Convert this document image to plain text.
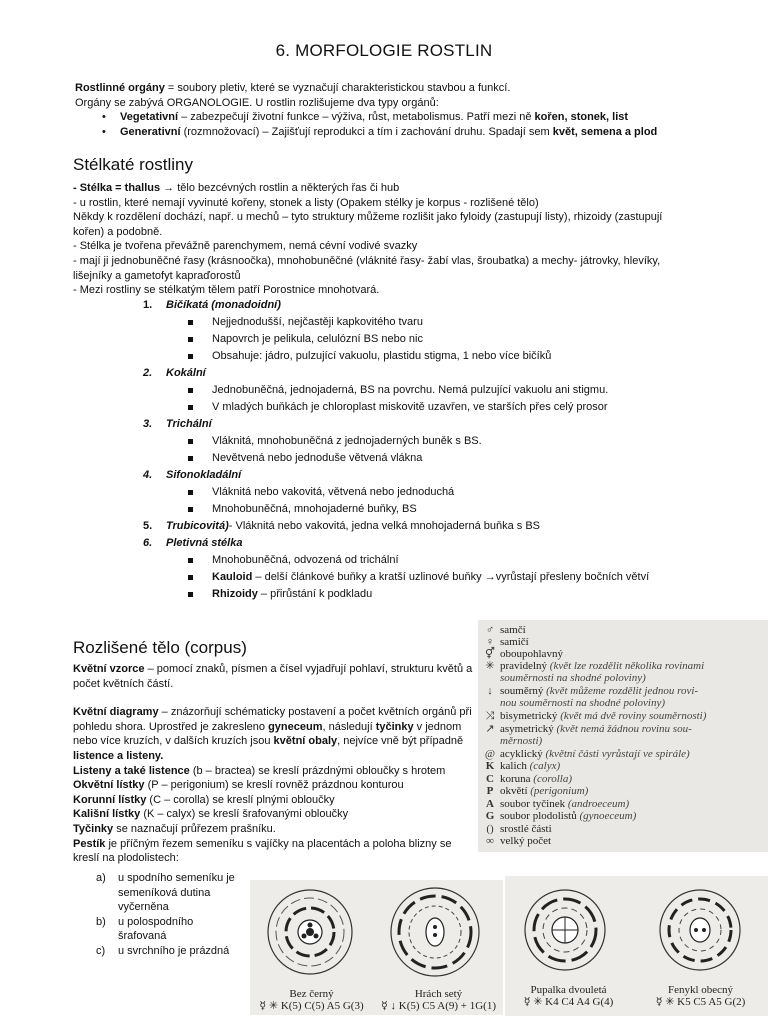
6. MORFOLOGIE ROSTLIN

Rostlinné orgány = soubory pletiv, které se vyznačují charakteristickou stavbou a funkcí.

Orgány se zabývá ORGANOLOGIE. U rostlin rozlišujeme dva typy orgánů:

• Vegetativní – zabezpečují životní funkce – výživa, růst, metabolismus. Patří mezi ně kořen, stonek, list
• Generativní (rozmnožovací) – Zajišťují reprodukci a tím i zachování druhu. Spadají sem květ, semena a plod
Stélkaté rostliny

- Stélka = thallus → tělo bezcévných rostlin a některých řas či hub

- u rostlin, které nemají vyvinuté kořeny, stonek a listy (Opakem stélky je korpus - rozlišené tělo)

Někdy k rozdělení dochází, např. u mechů – tyto struktury můžeme rozlišit jako fyloidy (zastupují listy), rhizoidy (zastupují kořen) a podobně.

- Stélka je tvořena převážně parenchymem, nemá cévní vodivé svazky

- mají ji jednobuněčné řasy (krásnoočka), mnohobuněčné (vláknité řasy- žabí vlas, šroubatka) a mechy- játrovky, hlevíky, lišejníky a gametofyt kapraďorostů

- Mezi rostliny se stélkatým tělem patří Porostnice mnohotvará.

1. Bičíkatá (monadoidní)
Nejjednodušší, nejčastěji kapkovitého tvaru
Napovrch je pelikula, celulózní BS nebo nic
Obsahuje: jádro, pulzující vakuolu, plastidu stigma, 1 nebo více bičíků
2. Kokální
Jednobuněčná, jednojaderná, BS na povrchu. Nemá pulzující vakuolu ani stigmu.
V mladých buňkách je chloroplast miskovitě uzavřen, ve starších přes celý prosor
3. Trichální
Vláknitá, mnohobuněčná z jednojaderných buněk s BS.
Nevětvená nebo jednoduše větvená vlákna
4. Sifonokladální
Vláknitá nebo vakovitá, větvená nebo jednoduchá
Mnohobuněčná, mnohojaderné buňky, BS
5. Trubicovitá)- Vláknitá nebo vakovitá, jedna velká mnohojaderná buňka s BS
6. Pletivná stélka
Mnohobuněčná, odvozená od trichální
Kauloid – delší článkové buňky a kratší uzlinové buňky →vyrůstají přesleny bočních větví
Rhizoidy – přirůstání k podkladu
Rozlišené tělo (corpus)

Květní vzorce – pomocí znaků, písmen a čísel vyjadřují pohlaví, strukturu květů a počet květních částí.

Květní diagramy – znázorňují schématicky postavení a počet květních orgánů při pohledu shora. Uprostřed je zakresleno gyneceum, následují tyčinky v jednom nebo více kruzích, v dalších kruzích jsou květní obaly, nejvíce vně být případně listence a listeny.

Listeny a také listence (b – bractea) se kreslí prázdnými obloučky s hrotem

Okvětní lístky (P – perigonium) se kreslí rovněž prázdnou konturou

Korunní lístky (C – corolla) se kreslí plnými obloučky

Kališní lístky (K – calyx) se kreslí šrafovanými obloučky

Tyčinky se naznačují průřezem prašníku.

Pestík je příčným řezem semeníku s vajíčky na placentách a poloha blizny se kreslí na plodolistech:

a) u spodního semeníku je semeníková dutina vyčerněna
b) u polospodního šrafovaná
c) u svrchního je prázdná
♂ samčí
♀ samičí
⚥ oboupohlavný
✳ pravidelný (květ lze rozdělit několika rovinami
souměrnosti na shodné poloviny)
↓ souměrný (květ můžeme rozdělit jednou rovi-
nou souměrnosti na shodné poloviny)
⤨ bisymetrický (květ má dvě roviny souměrnosti)
↗ asymetrický (květ nemá žádnou rovinu sou-
měrnosti)
@ acyklický (květní části vyrůstají ve spirále)
K kalich (calyx)
C koruna (corolla)
P okvětí (perigonium)
A soubor tyčinek (androeceum)
G soubor plodolistů (gynoeceum)
() srostlé části
∞ velký počet
Bez černý
☿ ✳ K(5) C(5) A5 G(3)
Hrách setý
☿ ↓ K(5) C5 A(9) + 1G(1)
Pupalka dvouletá
☿ ✳ K4 C4 A4 G(4)
Fenykl obecný
☿ ✳ K5 C5 A5 G(2)
